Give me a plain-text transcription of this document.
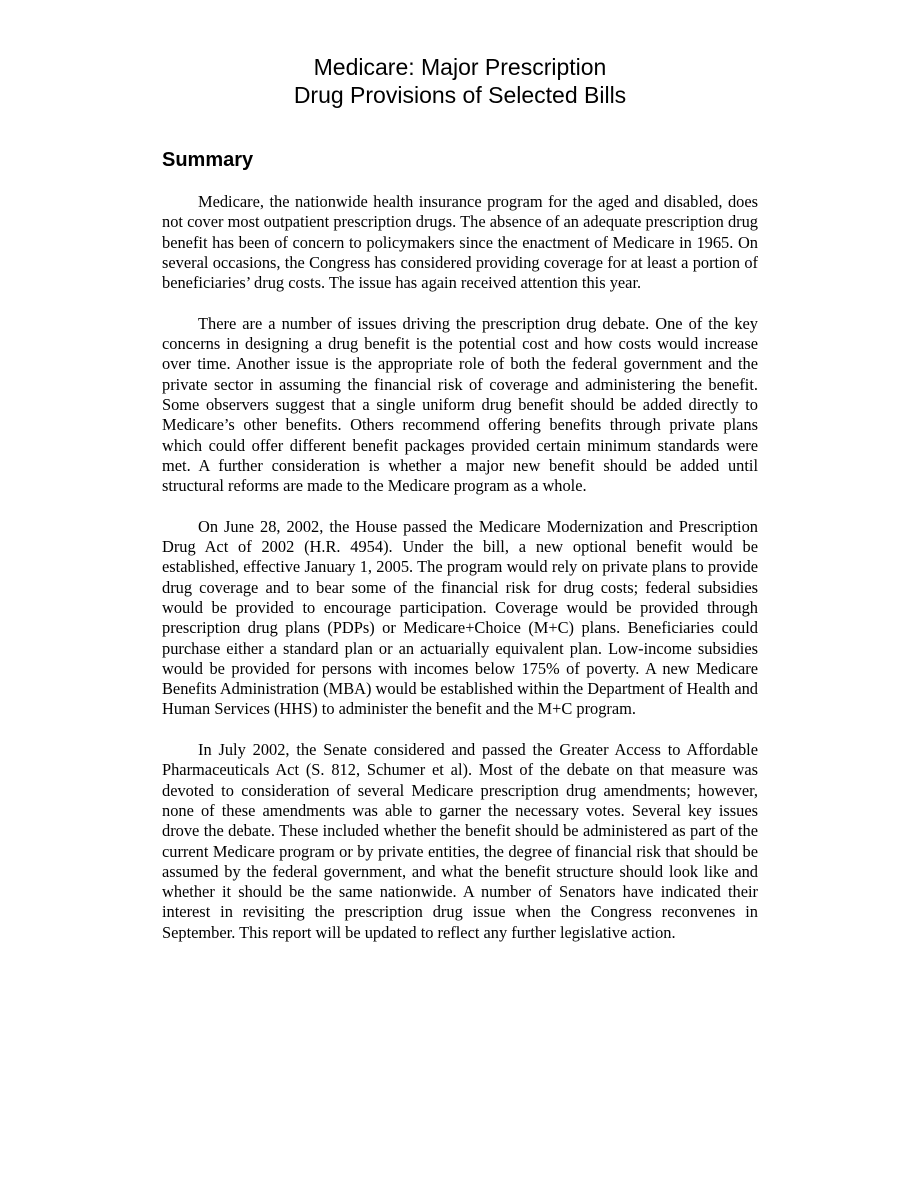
Medicare: Major Prescription
Drug Provisions of Selected Bills
Summary

Medicare, the nationwide health insurance program for the aged and disabled, does not cover most outpatient prescription drugs. The absence of an adequate prescription drug benefit has been of concern to policymakers since the enactment of Medicare in 1965. On several occasions, the Congress has considered providing coverage for at least a portion of beneficiaries’ drug costs. The issue has again received attention this year.

There are a number of issues driving the prescription drug debate. One of the key concerns in designing a drug benefit is the potential cost and how costs would increase over time. Another issue is the appropriate role of both the federal government and the private sector in assuming the financial risk of coverage and administering the benefit. Some observers suggest that a single uniform drug benefit should be added directly to Medicare’s other benefits. Others recommend offering benefits through private plans which could offer different benefit packages provided certain minimum standards were met. A further consideration is whether a major new benefit should be added until structural reforms are made to the Medicare program as a whole.

On June 28, 2002, the House passed the Medicare Modernization and Prescription Drug Act of 2002 (H.R. 4954). Under the bill, a new optional benefit would be established, effective January 1, 2005. The program would rely on private plans to provide drug coverage and to bear some of the financial risk for drug costs; federal subsidies would be provided to encourage participation. Coverage would be provided through prescription drug plans (PDPs) or Medicare+Choice (M+C) plans. Beneficiaries could purchase either a standard plan or an actuarially equivalent plan. Low-income subsidies would be provided for persons with incomes below 175% of poverty. A new Medicare Benefits Administration (MBA) would be established within the Department of Health and Human Services (HHS) to administer the benefit and the M+C program.

In July 2002, the Senate considered and passed the Greater Access to Affordable Pharmaceuticals Act (S. 812, Schumer et al). Most of the debate on that measure was devoted to consideration of several Medicare prescription drug amendments; however, none of these amendments was able to garner the necessary votes. Several key issues drove the debate. These included whether the benefit should be administered as part of the current Medicare program or by private entities, the degree of financial risk that should be assumed by the federal government, and what the benefit structure should look like and whether it should be the same nationwide. A number of Senators have indicated their interest in revisiting the prescription drug issue when the Congress reconvenes in September. This report will be updated to reflect any further legislative action.
